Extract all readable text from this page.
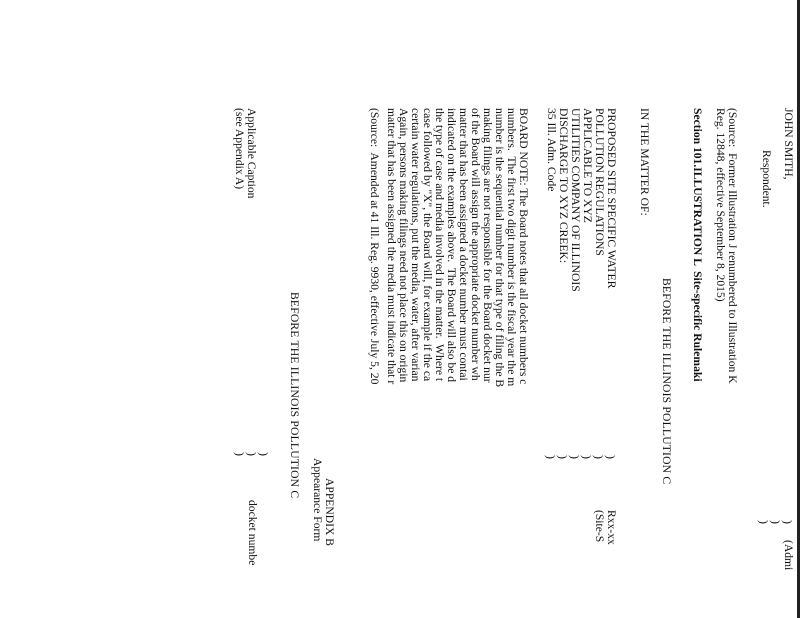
JOHN SMITH,
Respondent.
)
)
)
(Admi
(Source:  Former Illustration J renumbered to Illustration K
Reg. 12848, effective September 8, 2015)
Section 101.ILLUSTRATION L  Site-specific Rulemaki
BEFORE THE ILLINOIS POLLUTION C
IN THE MATTER OF:
PROPOSED SITE SPECIFIC WATER
POLLUTION REGULATIONS
APPLICABLE TO XYZ
UTILITIES COMPANY OF ILLINOIS
DISCHARGE TO XYZ CREEK:
35 Ill. Adm. Code
)
)
)
)
)
)
Rxx-xx
(Site-S
BOARD NOTE: The Board notes that all docket numbers c
numbers.  The first two digit number is the fiscal year the m
number is the sequential number for that type of filing the B
making filings are not responsible for the Board docket nur
of the Board will assign the appropriate docket number wh
matter that has been assigned a docket number must contai
indicated on the examples above.  The Board will also be d
the type of case and media involved in the matter.  Where t
case followed by "X", the Board will, for example if the ca
certain water regulations, put the media, water, after varian
Again, persons making filings need not place this on origin
matter that has been assigned the media must indicate that r
(Source:  Amended at 41 Ill. Reg. 9930, effective July 5, 20
APPENDIX B
Appearance Form
BEFORE THE ILLINOIS POLLUTION C
Applicable Caption
(see Appendix A)
)
)
)
docket numbe
